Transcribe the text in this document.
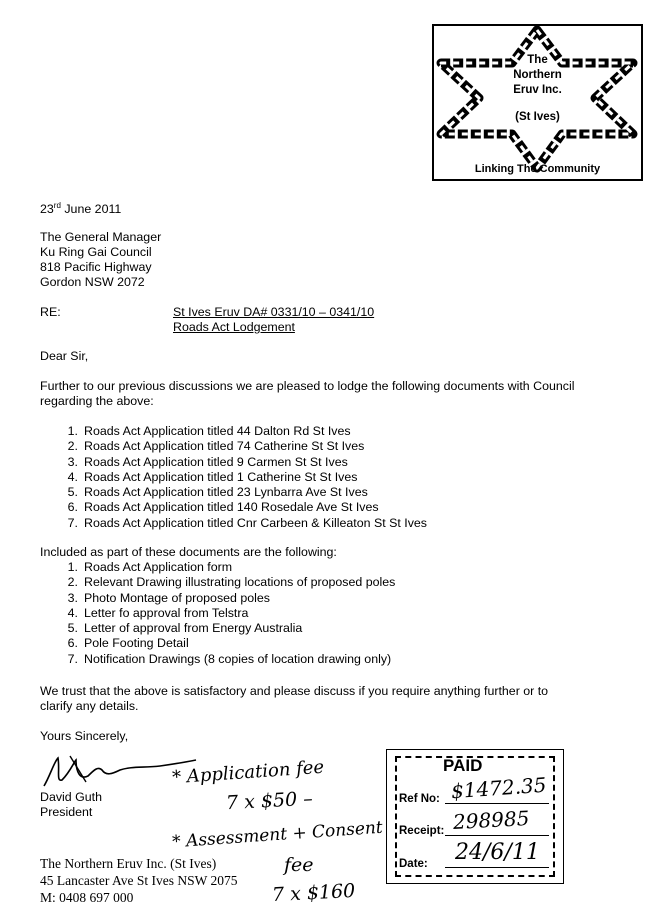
The
Northern
Eruv Inc.
(St Ives)
Linking The Community
23rd June 2011
The General Manager
Ku Ring Gai Council
818 Pacific Highway
Gordon NSW 2072
RE:	St Ives Eruv DA# 0331/10 – 0341/10
Roads Act Lodgement
Dear Sir,
Further to our previous discussions we are pleased to lodge the following documents with Council
regarding the above:
1. Roads Act Application titled 44 Dalton Rd St Ives
2. Roads Act Application titled 74 Catherine St St Ives
3. Roads Act Application titled 9 Carmen St St Ives
4. Roads Act Application titled 1 Catherine St St Ives
5. Roads Act Application titled 23 Lynbarra Ave St Ives
6. Roads Act Application titled 140 Rosedale Ave St Ives
7. Roads Act Application titled Cnr Carbeen & Killeaton St St Ives
Included as part of these documents are the following:
1. Roads Act Application form
2. Relevant Drawing illustrating locations of proposed poles
3. Photo Montage of proposed poles
4. Letter fo approval from Telstra
5. Letter of approval from Energy Australia
6. Pole Footing Detail
7. Notification Drawings (8 copies of location drawing only)
We trust that the above is satisfactory and please discuss if you require anything further or to
clarify any details.
Yours Sincerely,
David Guth
President
The Northern Eruv Inc. (St Ives)
45 Lancaster Ave St Ives NSW 2075
M: 0408 697 000
* Application fee
7 x $50 –
* Assessment + Consent
fee
7 x $160
PAID
Ref No: $1472.35
Receipt: 298985
Date: 24/6/11
